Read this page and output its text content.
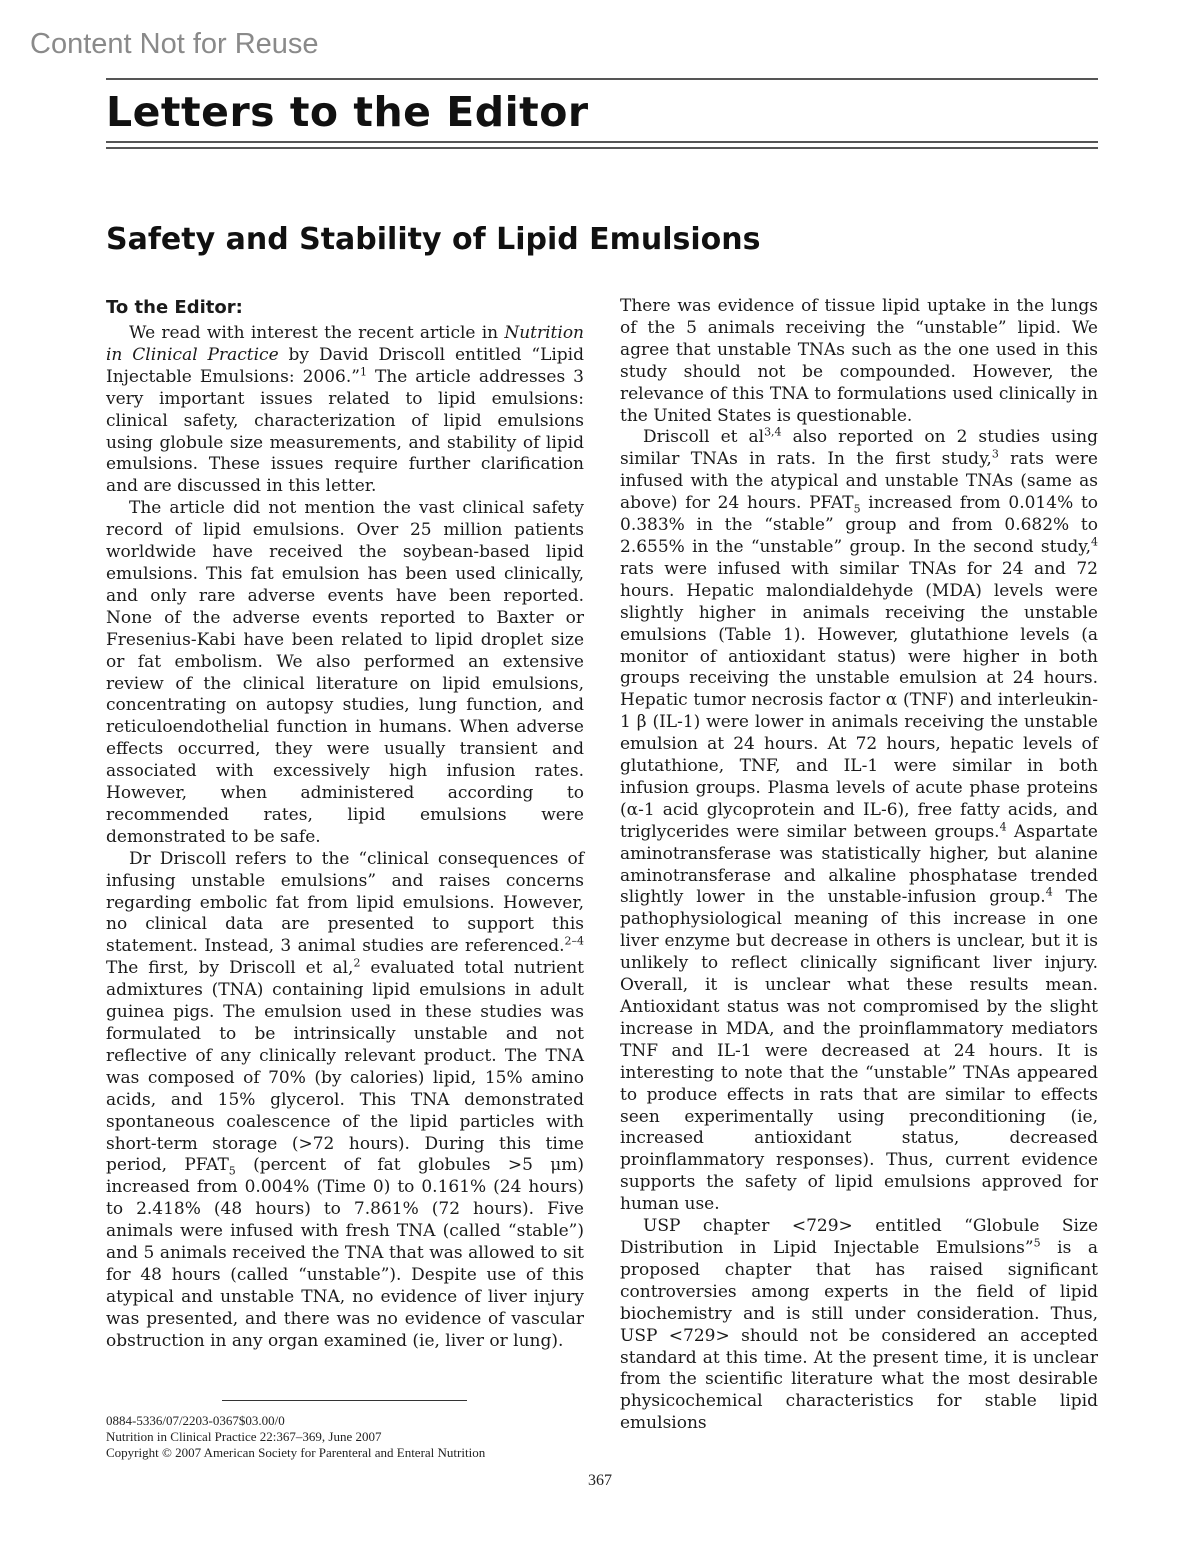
Content Not for Reuse
Letters to the Editor
Safety and Stability of Lipid Emulsions
To the Editor:

We read with interest the recent article in Nutrition in Clinical Practice by David Driscoll entitled “Lipid Injectable Emulsions: 2006.”$^1$ The article addresses 3 very important issues related to lipid emulsions: clinical safety, characterization of lipid emulsions using globule size measurements, and stability of lipid emulsions. These issues require further clarification and are discussed in this letter.

The article did not mention the vast clinical safety record of lipid emulsions. Over 25 million patients worldwide have received the soybean-based lipid emulsions. This fat emulsion has been used clinically, and only rare adverse events have been reported. None of the adverse events reported to Baxter or Fresenius-Kabi have been related to lipid droplet size or fat embolism. We also performed an extensive review of the clinical literature on lipid emulsions, concentrating on autopsy studies, lung function, and reticuloendothelial function in humans. When adverse effects occurred, they were usually transient and associated with excessively high infusion rates. However, when administered according to recommended rates, lipid emulsions were demonstrated to be safe.

Dr Driscoll refers to the “clinical consequences of infusing unstable emulsions” and raises concerns regarding embolic fat from lipid emulsions. However, no clinical data are presented to support this statement. Instead, 3 animal studies are referenced.$^{2-4}$ The first, by Driscoll et al,$^2$ evaluated total nutrient admixtures (TNA) containing lipid emulsions in adult guinea pigs. The emulsion used in these studies was formulated to be intrinsically unstable and not reflective of any clinically relevant product. The TNA was composed of 70% (by calories) lipid, 15% amino acids, and 15% glycerol. This TNA demonstrated spontaneous coalescence of the lipid particles with short-term storage (>72 hours). During this time period, $PFAT_5$ (percent of fat globules >5 μm) increased from 0.004% (Time 0) to 0.161% (24 hours) to 2.418% (48 hours) to 7.861% (72 hours). Five animals were infused with fresh TNA (called “stable”) and 5 animals received the TNA that was allowed to sit for 48 hours (called “unstable”). Despite use of this atypical and unstable TNA, no evidence of liver injury was presented, and there was no evidence of vascular obstruction in any organ examined (ie, liver or lung).

There was evidence of tissue lipid uptake in the lungs of the 5 animals receiving the “unstable” lipid. We agree that unstable TNAs such as the one used in this study should not be compounded. However, the relevance of this TNA to formulations used clinically in the United States is questionable.

Driscoll et al$^{3,4}$ also reported on 2 studies using similar TNAs in rats. In the first study,$^3$ rats were infused with the atypical and unstable TNAs (same as above) for 24 hours. $PFAT_5$ increased from 0.014% to 0.383% in the “stable” group and from 0.682% to 2.655% in the “unstable” group. In the second study,$^4$ rats were infused with similar TNAs for 24 and 72 hours. Hepatic malondialdehyde (MDA) levels were slightly higher in animals receiving the unstable emulsions (Table 1). However, glutathione levels (a monitor of antioxidant status) were higher in both groups receiving the unstable emulsion at 24 hours. Hepatic tumor necrosis factor α (TNF) and interleukin-1 β (IL-1) were lower in animals receiving the unstable emulsion at 24 hours. At 72 hours, hepatic levels of glutathione, TNF, and IL-1 were similar in both infusion groups. Plasma levels of acute phase proteins (α-1 acid glycoprotein and IL-6), free fatty acids, and triglycerides were similar between groups.$^4$ Aspartate aminotransferase was statistically higher, but alanine aminotransferase and alkaline phosphatase trended slightly lower in the unstable-infusion group.$^4$ The pathophysiological meaning of this increase in one liver enzyme but decrease in others is unclear, but it is unlikely to reflect clinically significant liver injury. Overall, it is unclear what these results mean. Antioxidant status was not compromised by the slight increase in MDA, and the proinflammatory mediators TNF and IL-1 were decreased at 24 hours. It is interesting to note that the “unstable” TNAs appeared to produce effects in rats that are similar to effects seen experimentally using preconditioning (ie, increased antioxidant status, decreased proinflammatory responses). Thus, current evidence supports the safety of lipid emulsions approved for human use.

USP chapter <729> entitled “Globule Size Distribution in Lipid Injectable Emulsions”$^5$ is a proposed chapter that has raised significant controversies among experts in the field of lipid biochemistry and is still under consideration. Thus, USP <729> should not be considered an accepted standard at this time. At the present time, it is unclear from the scientific literature what the most desirable physicochemical characteristics for stable lipid emulsions

0884-5336/07/2203-0367$03.00/0
Nutrition in Clinical Practice 22:367–369, June 2007
Copyright © 2007 American Society for Parenteral and Enteral Nutrition
367
